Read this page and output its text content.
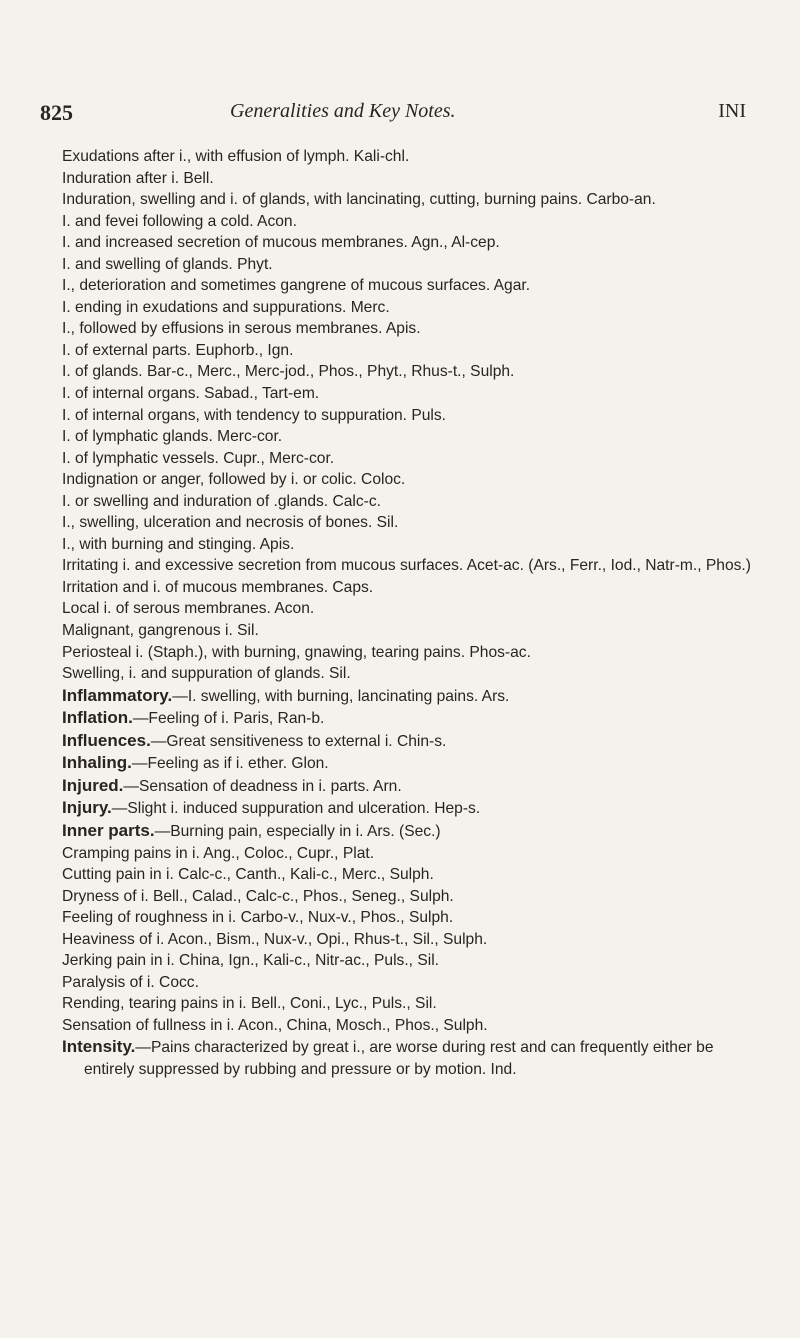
825	Generalities and Key Notes.	INI

Exudations after i., with effusion of lymph. Kali-chl.

Induration after i. Bell.

Induration, swelling and i. of glands, with lancinating, cutting, burning pains. Carbo-an.

I. and fevei following a cold. Acon.

I. and increased secretion of mucous membranes. Agn., Al-cep.

I. and swelling of glands. Phyt.

I., deterioration and sometimes gangrene of mucous surfaces. Agar.

I. ending in exudations and suppurations. Merc.

I., followed by effusions in serous membranes. Apis.

I. of external parts. Euphorb., Ign.

I. of glands. Bar-c., Merc., Merc-jod., Phos., Phyt., Rhus-t., Sulph.

I. of internal organs. Sabad., Tart-em.

I. of internal organs, with tendency to suppuration. Puls.

I. of lymphatic glands. Merc-cor.

I. of lymphatic vessels. Cupr., Merc-cor.

Indignation or anger, followed by i. or colic. Coloc.

I. or swelling and induration of .glands. Calc-c.

I., swelling, ulceration and necrosis of bones. Sil.

I., with burning and stinging. Apis.

Irritating i. and excessive secretion from mucous surfaces. Acet-ac. (Ars., Ferr., Iod., Natr-m., Phos.)

Irritation and i. of mucous membranes. Caps.

Local i. of serous membranes. Acon.

Malignant, gangrenous i. Sil.

Periosteal i. (Staph.), with burning, gnawing, tearing pains. Phos-ac.

Swelling, i. and suppuration of glands. Sil.

Inflammatory.—I. swelling, with burning, lancinating pains. Ars.

Inflation.—Feeling of i. Paris, Ran-b.

Influences.—Great sensitiveness to external i. Chin-s.

Inhaling.—Feeling as if i. ether. Glon.

Injured.—Sensation of deadness in i. parts. Arn.

Injury.—Slight i. induced suppuration and ulceration. Hep-s.

Inner parts.—Burning pain, especially in i. Ars. (Sec.)

Cramping pains in i. Ang., Coloc., Cupr., Plat.

Cutting pain in i. Calc-c., Canth., Kali-c., Merc., Sulph.

Dryness of i. Bell., Calad., Calc-c., Phos., Seneg., Sulph.

Feeling of roughness in i. Carbo-v., Nux-v., Phos., Sulph.

Heaviness of i. Acon., Bism., Nux-v., Opi., Rhus-t., Sil., Sulph.

Jerking pain in i. China, Ign., Kali-c., Nitr-ac., Puls., Sil.

Paralysis of i. Cocc.

Rending, tearing pains in i. Bell., Coni., Lyc., Puls., Sil.

Sensation of fullness in i. Acon., China, Mosch., Phos., Sulph.

Intensity.—Pains characterized by great i., are worse during rest and can frequently either be entirely suppressed by rubbing and pressure or by motion. Ind.
